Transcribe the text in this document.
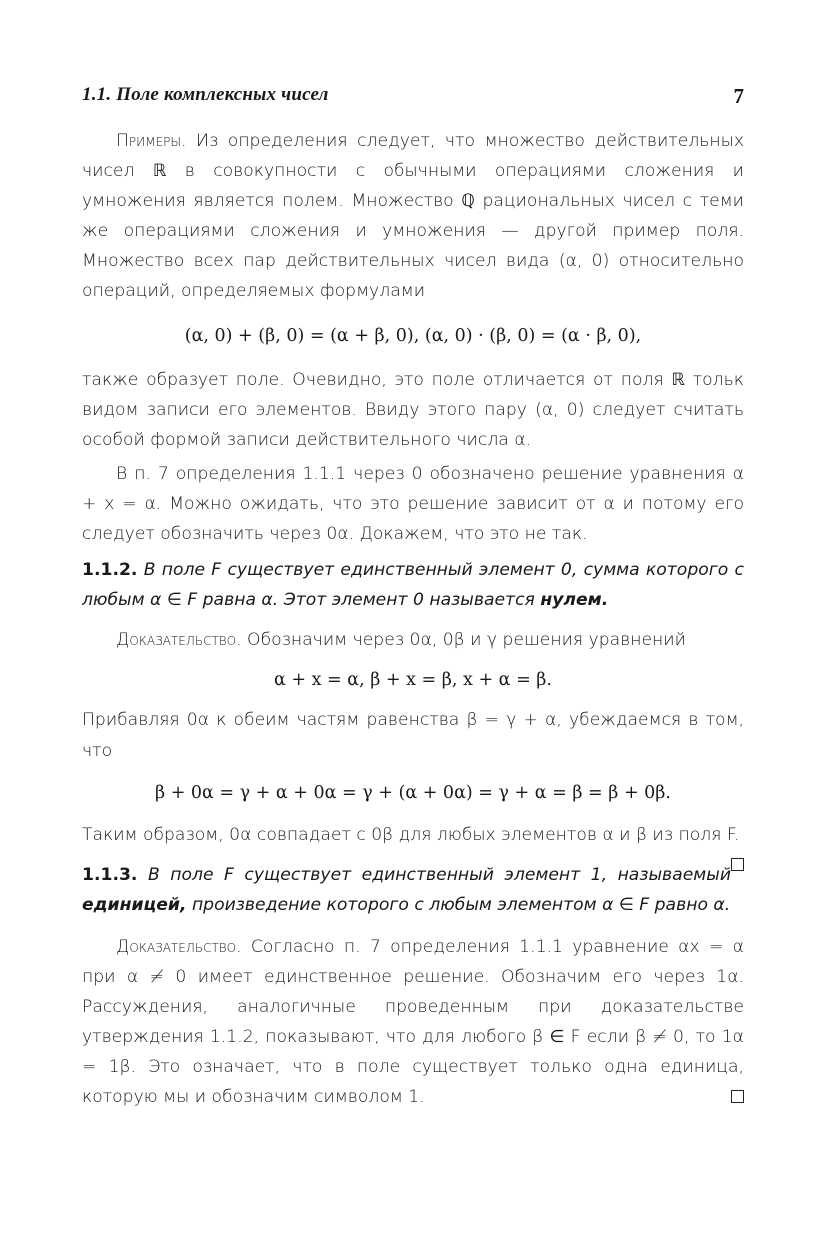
1.1. Поле комплексных чисел	7

Примеры. Из определения следует, что множество действительных чисел ℝ в совокупности с обычными операциями сложения и умножения является полем. Множество ℚ рациональных чисел с теми же операциями сложения и умножения — другой пример поля. Множество всех пар действительных чисел вида (α, 0) относительно операций, определяемых формулами

(α, 0) + (β, 0) = (α + β, 0), (α, 0) · (β, 0) = (α · β, 0),

также образует поле. Очевидно, это поле отличается от поля ℝ тольк видом записи его элементов. Ввиду этого пару (α, 0) следует считать особой формой записи действительного числа α.

В п. 7 определения 1.1.1 через 0 обозначено решение уравнения α + x = α. Можно ожидать, что это решение зависит от α и потому его следует обозначить через 0α. Докажем, что это не так.

1.1.2. В поле F существует единственный элемент 0, сумма которого с любым α ∈ F равна α. Этот элемент 0 называется нулем.

Доказательство. Обозначим через 0α, 0β и γ решения уравнений

α + x = α, β + x = β, x + α = β.

Прибавляя 0α к обеим частям равенства β = γ + α, убеждаемся в том, что

β + 0α = γ + α + 0α = γ + (α + 0α) = γ + α = β = β + 0β.

Таким образом, 0α совпадает с 0β для любых элементов α и β из поля F.

1.1.3. В поле F существует единственный элемент 1, называемый единицей, произведение которого с любым элементом α ∈ F равно α.

Доказательство. Согласно п. 7 определения 1.1.1 уравнение αx = α при α ≠ 0 имеет единственное решение. Обозначим его через 1α. Рассуждения, аналогичные проведенным при доказательстве утверждения 1.1.2, показывают, что для любого β ∈ F если β ≠ 0, то 1α = 1β. Это означает, что в поле существует только одна единица, которую мы и обозначим символом 1.
